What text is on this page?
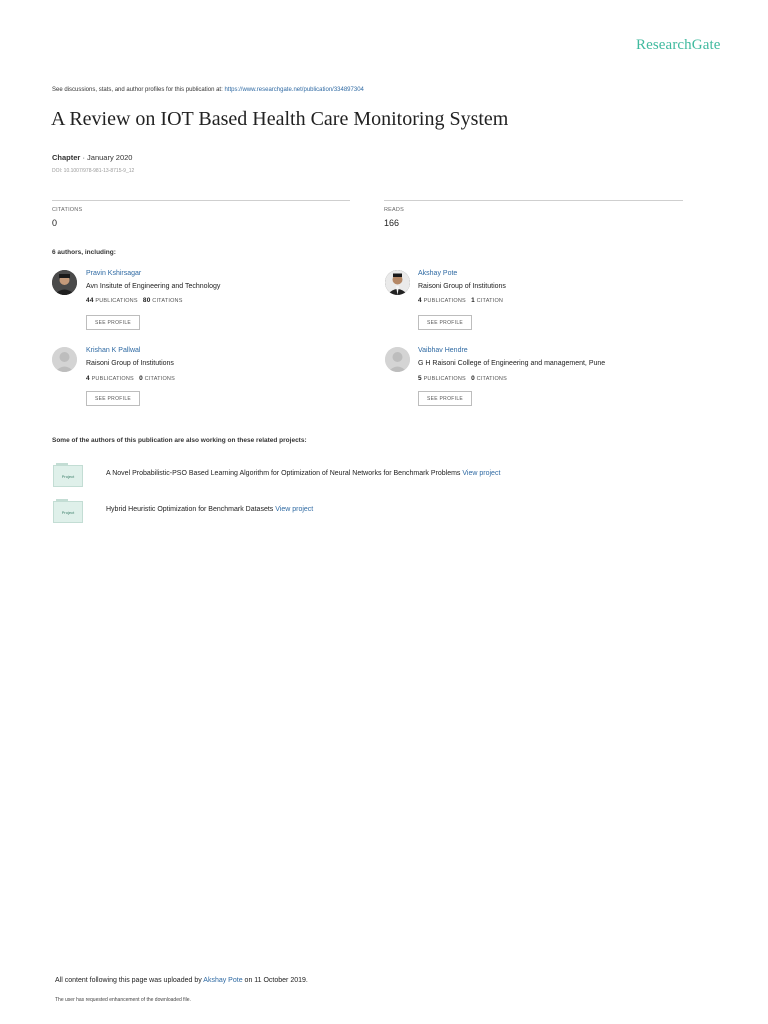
ResearchGate
See discussions, stats, and author profiles for this publication at: https://www.researchgate.net/publication/334897304
A Review on IOT Based Health Care Monitoring System
Chapter · January 2020
DOI: 10.1007/978-981-13-8715-9_12
CITATIONS
0
READS
166
6 authors, including:
Pravin Kshirsagar
Avn Insitute of Engineering and Technology
44 PUBLICATIONS 80 CITATIONS
SEE PROFILE
Akshay Pote
Raisoni Group of Institutions
4 PUBLICATIONS 1 CITATION
SEE PROFILE
Krishan K Pallwal
Raisoni Group of Institutions
4 PUBLICATIONS 0 CITATIONS
SEE PROFILE
Vaibhav Hendre
G H Raisoni College of Engineering and management, Pune
5 PUBLICATIONS 0 CITATIONS
SEE PROFILE
Some of the authors of this publication are also working on these related projects:
Project	A Novel Probabilistic-PSO Based Learning Algorithm for Optimization of Neural Networks for Benchmark Problems View project
Project	Hybrid Heuristic Optimization for Benchmark Datasets View project
All content following this page was uploaded by Akshay Pote on 11 October 2019.
The user has requested enhancement of the downloaded file.
